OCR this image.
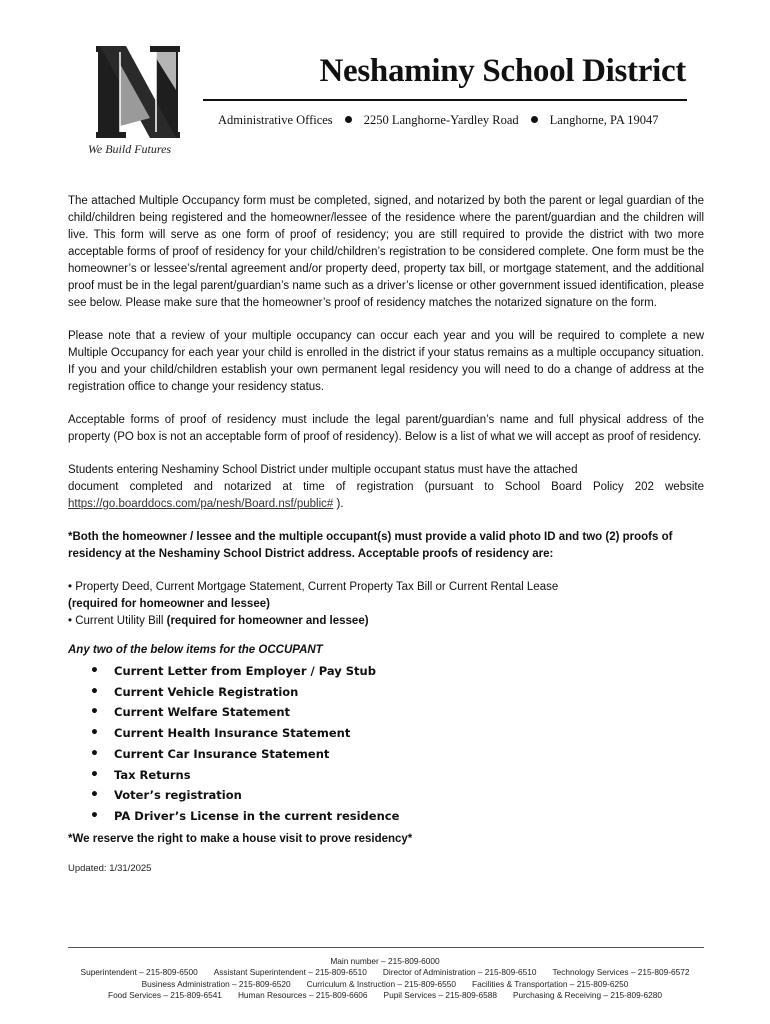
We Build Futures
Neshaminy School District
Administrative Offices 2250 Langhorne-Yardley Road Langhorne, PA 19047

The attached Multiple Occupancy form must be completed, signed, and notarized by both the parent or legal guardian of the child/children being registered and the homeowner/lessee of the residence where the parent/guardian and the children will live. This form will serve as one form of proof of residency; you are still required to provide the district with two more acceptable forms of proof of residency for your child/children’s registration to be considered complete. One form must be the homeowner’s or lessee’s/rental agreement and/or property deed, property tax bill, or mortgage statement, and the additional proof must be in the legal parent/guardian’s name such as a driver’s license or other government issued identification, please see below. Please make sure that the homeowner’s proof of residency matches the notarized signature on the form.

Please note that a review of your multiple occupancy can occur each year and you will be required to complete a new Multiple Occupancy for each year your child is enrolled in the district if your status remains as a multiple occupancy situation. If you and your child/children establish your own permanent legal residency you will need to do a change of address at the registration office to change your residency status.

Acceptable forms of proof of residency must include the legal parent/guardian’s name and full physical address of the property (PO box is not an acceptable form of proof of residency). Below is a list of what we will accept as proof of residency.

Students entering Neshaminy School District under multiple occupant status must have the attached
document completed and notarized at time of registration (pursuant to School Board Policy 202 website
https://go.boarddocs.com/pa/nesh/Board.nsf/public# ).

*Both the homeowner / lessee and the multiple occupant(s) must provide a valid photo ID and two (2) proofs of residency at the Neshaminy School District address. Acceptable proofs of residency are:

• Property Deed, Current Mortgage Statement, Current Property Tax Bill or Current Rental Lease
(required for homeowner and lessee)
• Current Utility Bill (required for homeowner and lessee)
Any two of the below items for the OCCUPANT
• Current Letter from Employer / Pay Stub
• Current Vehicle Registration
• Current Welfare Statement
• Current Health Insurance Statement
• Current Car Insurance Statement
• Tax Returns
• Voter’s registration
• PA Driver’s License in the current residence
*We reserve the right to make a house visit to prove residency*
Updated: 1/31/2025
Main number – 215-809-6000
Superintendent – 215-809-6500 Assistant Superintendent – 215-809-6510 Director of Administration – 215-809-6510 Technology Services – 215-809-6572
Business Administration – 215-809-6520 Curriculum & Instruction – 215-809-6550 Facilities & Transportation – 215-809-6250
Food Services – 215-809-6541 Human Resources – 215-809-6606 Pupil Services – 215-809-6588 Purchasing & Receiving – 215-809-6280
